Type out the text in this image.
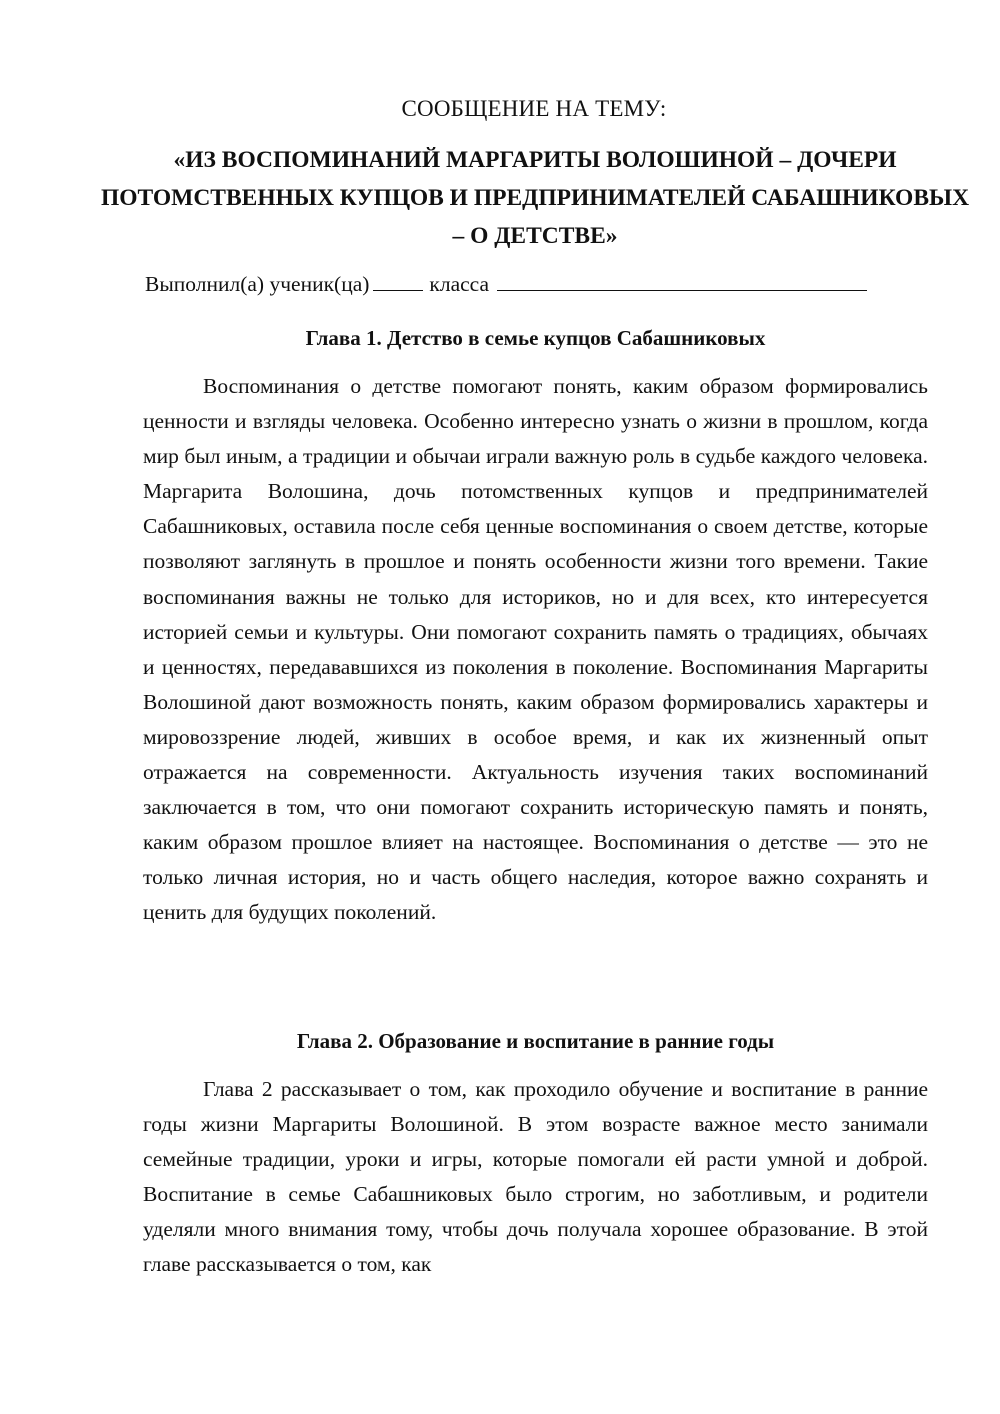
СООБЩЕНИЕ НА ТЕМУ:
«ИЗ ВОСПОМИНАНИЙ МАРГАРИТЫ ВОЛОШИНОЙ – ДОЧЕРИ ПОТОМСТВЕННЫХ КУПЦОВ И ПРЕДПРИНИМАТЕЛЕЙ САБАШНИКОВЫХ – О ДЕТСТВЕ»
Выполнил(а) ученик(ца)	класса
Глава 1. Детство в семье купцов Сабашниковых

Воспоминания о детстве помогают понять, каким образом формировались ценности и взгляды человека. Особенно интересно узнать о жизни в прошлом, когда мир был иным, а традиции и обычаи играли важную роль в судьбе каждого человека. Маргарита Волошина, дочь потомственных купцов и предпринимателей Сабашниковых, оставила после себя ценные воспоминания о своем детстве, которые позволяют заглянуть в прошлое и понять особенности жизни того времени. Такие воспоминания важны не только для историков, но и для всех, кто интересуется историей семьи и культуры. Они помогают сохранить память о традициях, обычаях и ценностях, передававшихся из поколения в поколение. Воспоминания Маргариты Волошиной дают возможность понять, каким образом формировались характеры и мировоззрение людей, живших в особое время, и как их жизненный опыт отражается на современности. Актуальность изучения таких воспоминаний заключается в том, что они помогают сохранить историческую память и понять, каким образом прошлое влияет на настоящее. Воспоминания о детстве — это не только личная история, но и часть общего наследия, которое важно сохранять и ценить для будущих поколений.

Глава 2. Образование и воспитание в ранние годы

Глава 2 рассказывает о том, как проходило обучение и воспитание в ранние годы жизни Маргариты Волошиной. В этом возрасте важное место занимали семейные традиции, уроки и игры, которые помогали ей расти умной и доброй. Воспитание в семье Сабашниковых было строгим, но заботливым, и родители уделяли много внимания тому, чтобы дочь получала хорошее образование. В этой главе рассказывается о том, как
